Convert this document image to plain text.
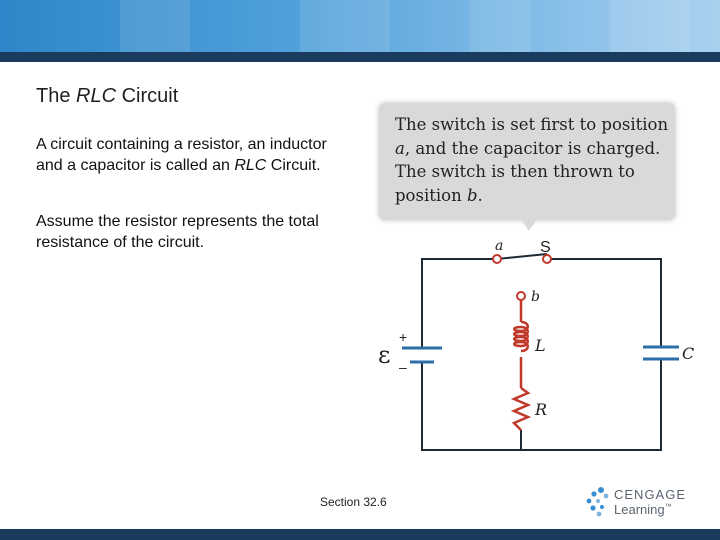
The RLC Circuit

A circuit containing a resistor, an inductor and a capacitor is called an RLC Circuit.

Assume the resistor represents the total resistance of the circuit.

The switch is set first to position
a, and the capacitor is charged.
The switch is then thrown to
position b.

a S
b
ε
+
–
L
R
C
Section 32.6	CENGAGE
Learning™
